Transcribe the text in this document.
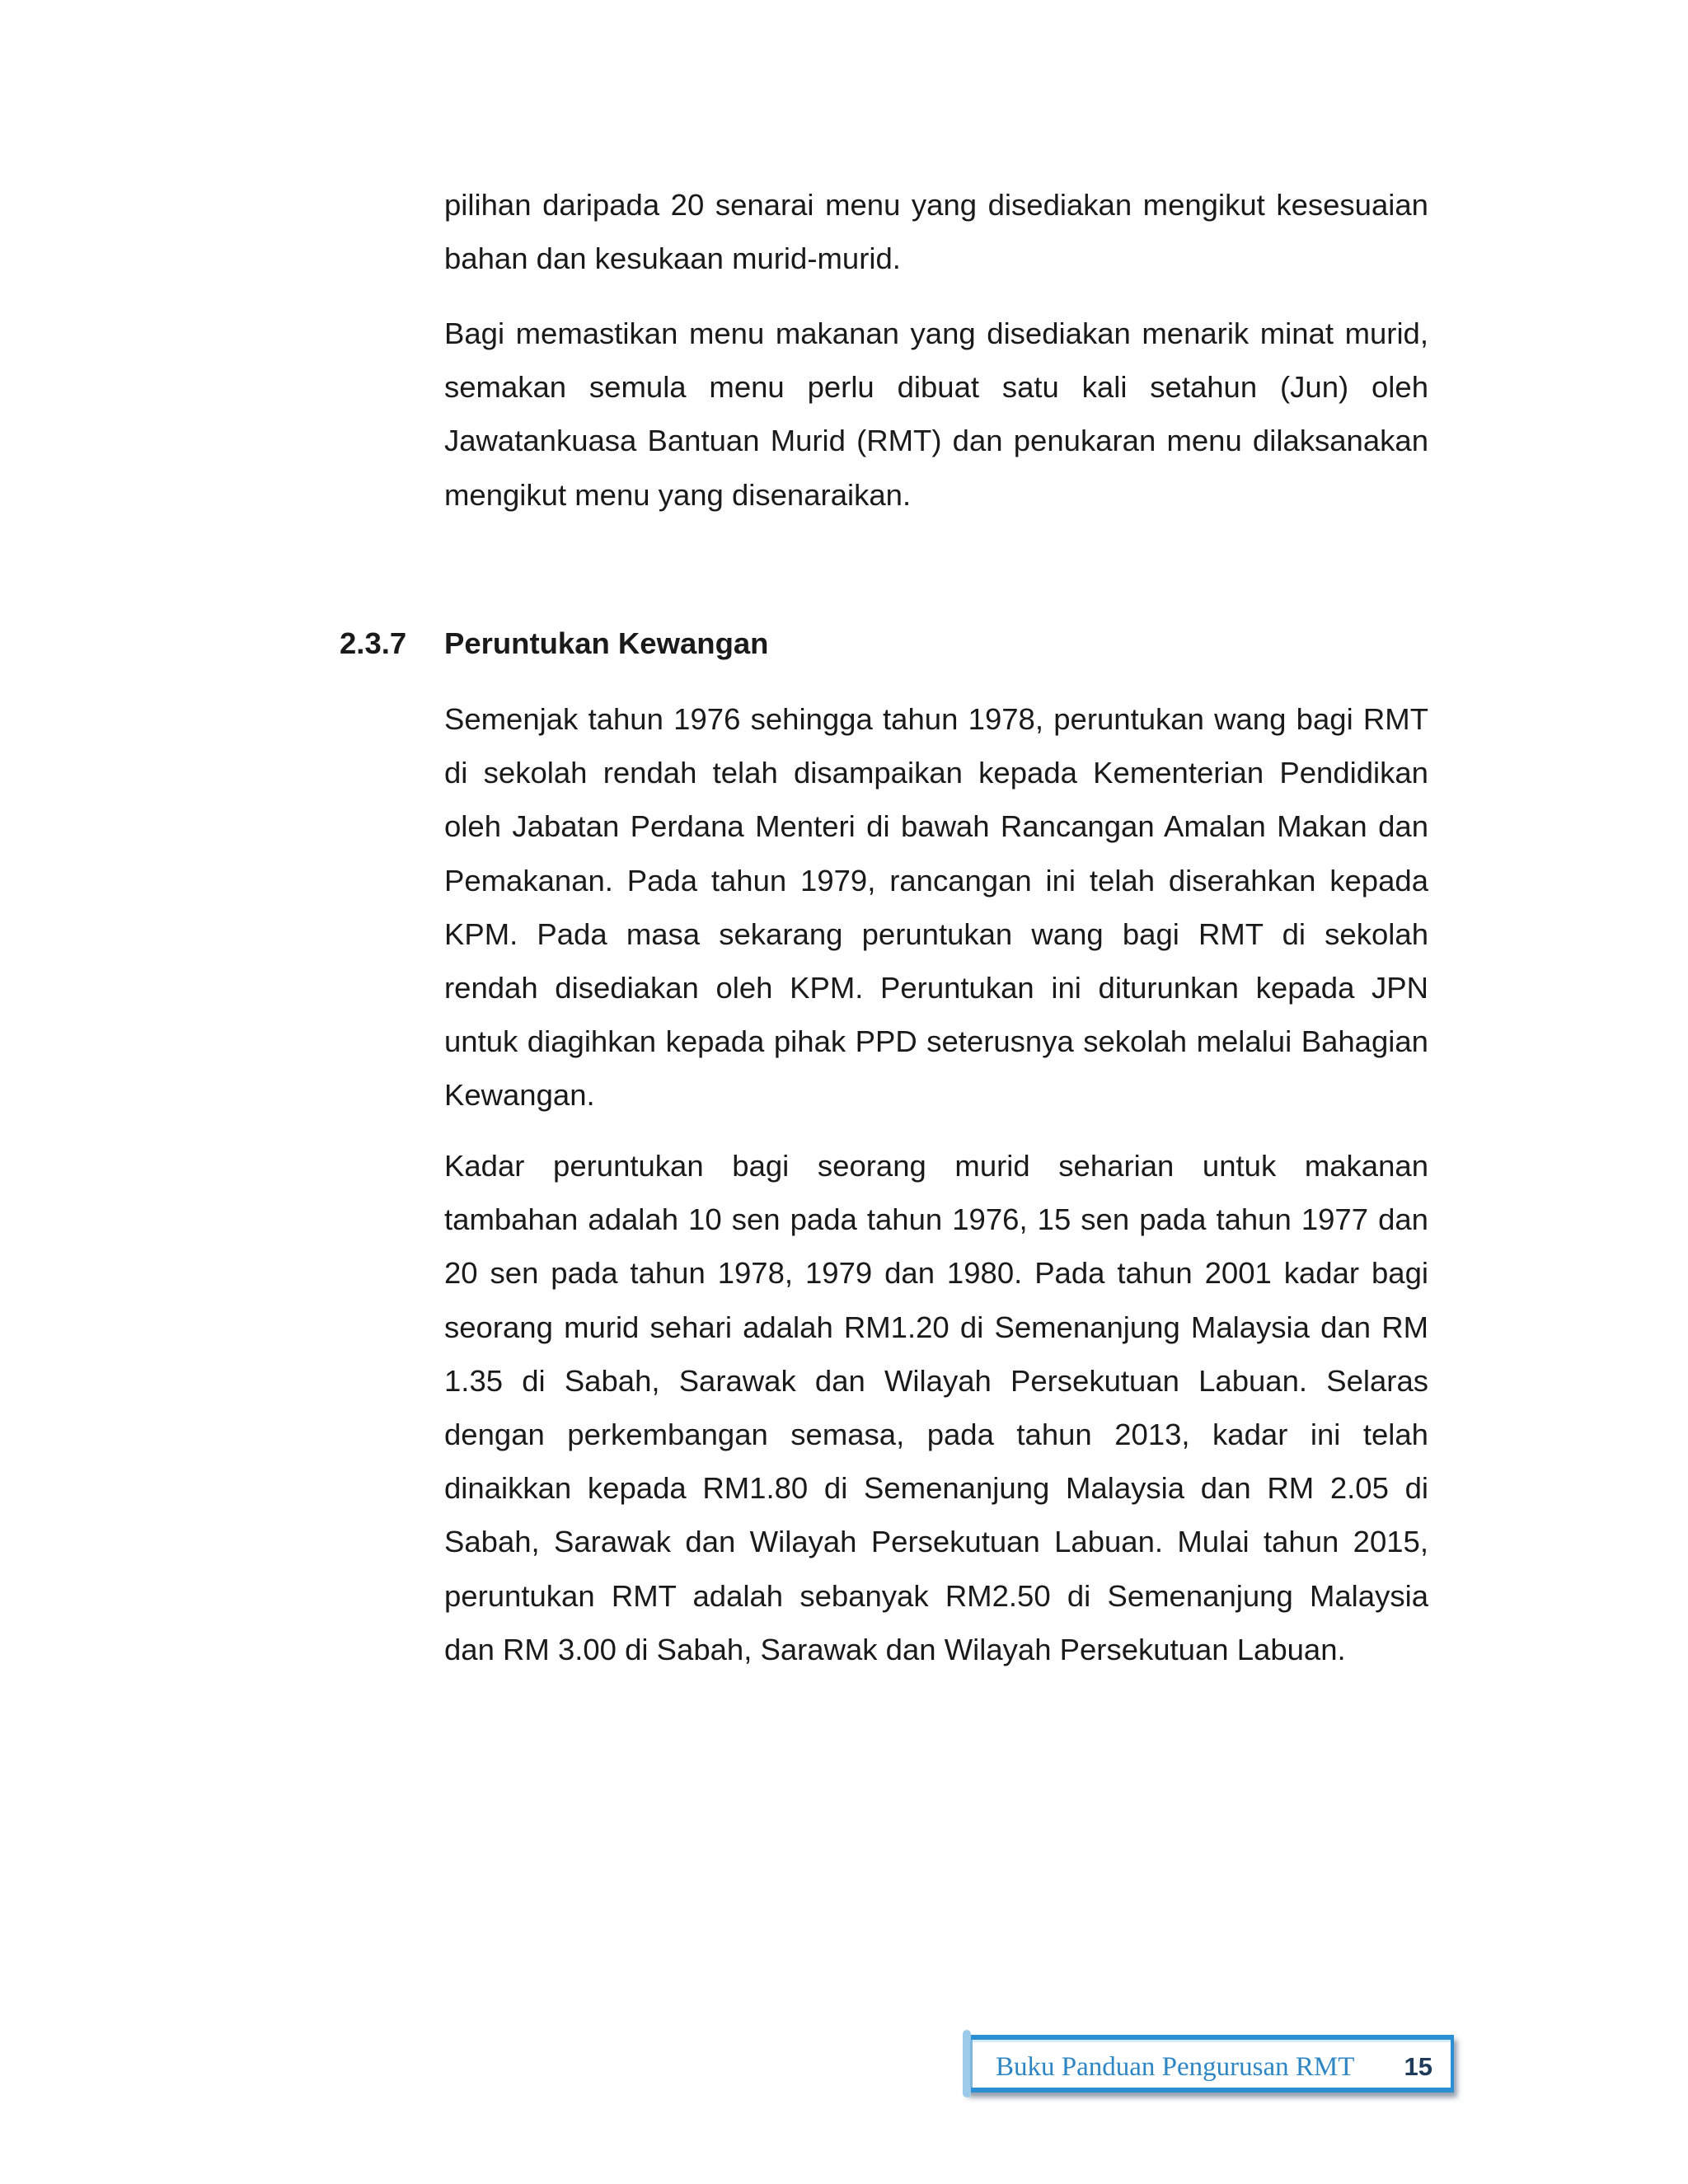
pilihan daripada 20 senarai menu yang disediakan mengikut kesesuaian bahan dan kesukaan murid-murid.

Bagi memastikan menu makanan yang disediakan menarik minat murid, semakan semula menu perlu dibuat satu kali setahun (Jun) oleh Jawatankuasa Bantuan Murid (RMT) dan penukaran menu dilaksanakan mengikut menu yang disenaraikan.

2.3.7 Peruntukan Kewangan

Semenjak tahun 1976 sehingga tahun 1978, peruntukan wang bagi RMT di sekolah rendah telah disampaikan kepada Kementerian Pendidikan oleh Jabatan Perdana Menteri di bawah Rancangan Amalan Makan dan Pemakanan. Pada tahun 1979, rancangan ini telah diserahkan kepada KPM. Pada masa sekarang peruntukan wang bagi RMT di sekolah rendah disediakan oleh KPM. Peruntukan ini diturunkan kepada JPN untuk diagihkan kepada pihak PPD seterusnya sekolah melalui Bahagian Kewangan.

Kadar peruntukan bagi seorang murid seharian untuk makanan tambahan adalah 10 sen pada tahun 1976, 15 sen pada tahun 1977 dan 20 sen pada tahun 1978, 1979 dan 1980. Pada tahun 2001 kadar bagi seorang murid sehari adalah RM1.20 di Semenanjung Malaysia dan RM 1.35 di Sabah, Sarawak dan Wilayah Persekutuan Labuan. Selaras dengan perkembangan semasa, pada tahun 2013, kadar ini telah dinaikkan kepada RM1.80 di Semenanjung Malaysia dan RM 2.05 di Sabah, Sarawak dan Wilayah Persekutuan Labuan. Mulai tahun 2015, peruntukan RMT adalah sebanyak RM2.50 di Semenanjung Malaysia dan RM 3.00 di Sabah, Sarawak dan Wilayah Persekutuan Labuan.

Buku Panduan Pengurusan RMT 15
